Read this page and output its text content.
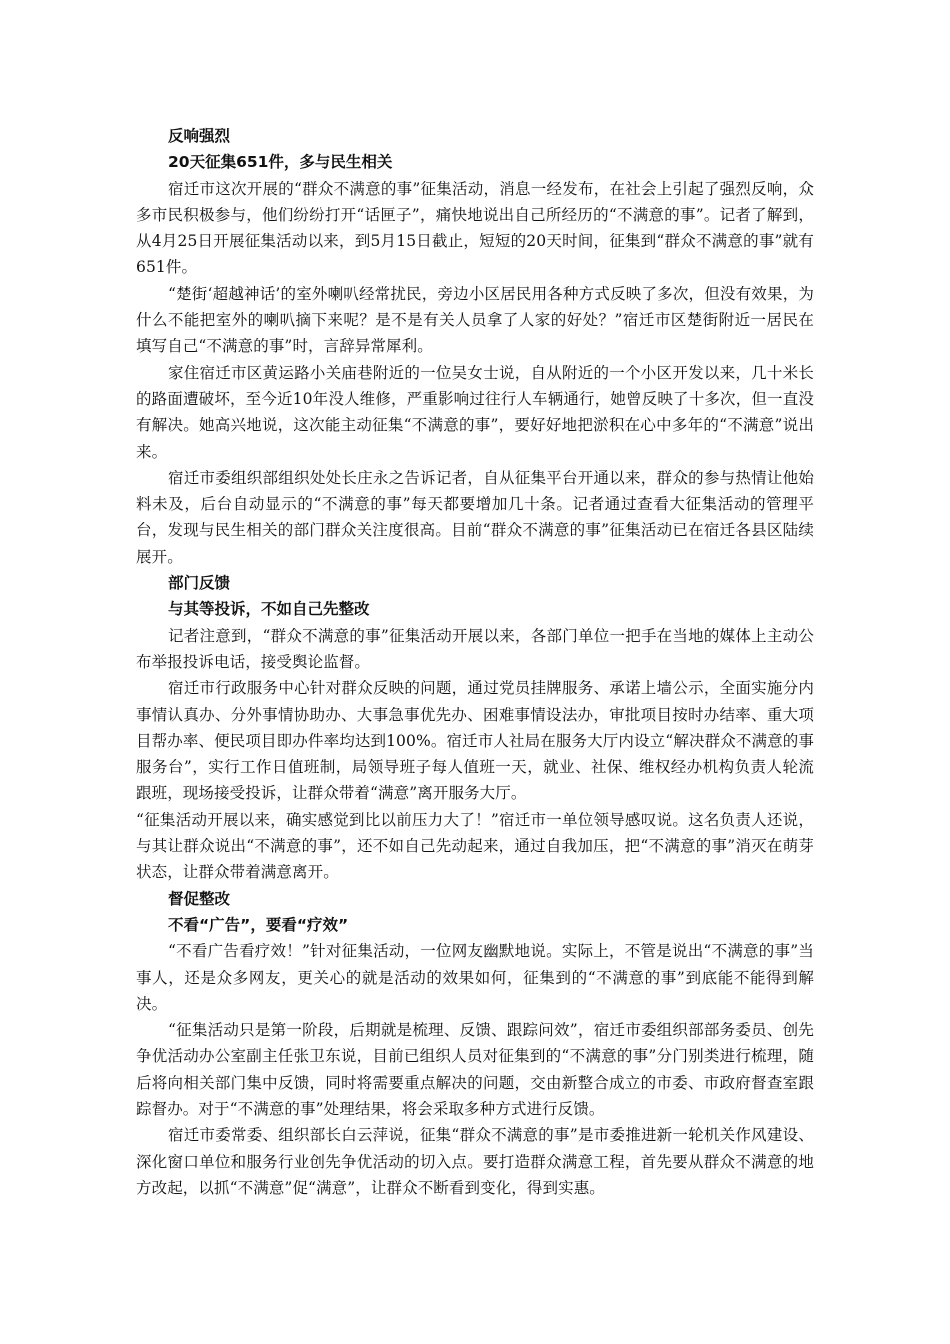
反响强烈
20天征集651件，多与民生相关

宿迁市这次开展的“群众不满意的事”征集活动，消息一经发布，在社会上引起了强烈反响，众多市民积极参与，他们纷纷打开“话匣子”，痛快地说出自己所经历的“不满意的事”。记者了解到，从4月25日开展征集活动以来，到5月15日截止，短短的20天时间，征集到“群众不满意的事”就有651件。

“楚街‘超越神话’的室外喇叭经常扰民，旁边小区居民用各种方式反映了多次，但没有效果，为什么不能把室外的喇叭摘下来呢？是不是有关人员拿了人家的好处？”宿迁市区楚街附近一居民在填写自己“不满意的事”时，言辞异常犀利。

家住宿迁市区黄运路小关庙巷附近的一位吴女士说，自从附近的一个小区开发以来，几十米长的路面遭破坏，至今近10年没人维修，严重影响过往行人车辆通行，她曾反映了十多次，但一直没有解决。她高兴地说，这次能主动征集“不满意的事”，要好好地把淤积在心中多年的“不满意”说出来。

宿迁市委组织部组织处处长庄永之告诉记者，自从征集平台开通以来，群众的参与热情让他始料未及，后台自动显示的“不满意的事”每天都要增加几十条。记者通过查看大征集活动的管理平台，发现与民生相关的部门群众关注度很高。目前“群众不满意的事”征集活动已在宿迁各县区陆续展开。

部门反馈
与其等投诉，不如自己先整改

记者注意到，“群众不满意的事”征集活动开展以来，各部门单位一把手在当地的媒体上主动公布举报投诉电话，接受舆论监督。

宿迁市行政服务中心针对群众反映的问题，通过党员挂牌服务、承诺上墙公示，全面实施分内事情认真办、分外事情协助办、大事急事优先办、困难事情设法办，审批项目按时办结率、重大项目帮办率、便民项目即办件率均达到100%。宿迁市人社局在服务大厅内设立“解决群众不满意的事服务台”，实行工作日值班制，局领导班子每人值班一天，就业、社保、维权经办机构负责人轮流跟班，现场接受投诉，让群众带着“满意”离开服务大厅。

“征集活动开展以来，确实感觉到比以前压力大了！”宿迁市一单位领导感叹说。这名负责人还说，与其让群众说出“不满意的事”，还不如自己先动起来，通过自我加压，把“不满意的事”消灭在萌芽状态，让群众带着满意离开。

督促整改
不看“广告”，要看“疗效”

“不看广告看疗效！”针对征集活动，一位网友幽默地说。实际上，不管是说出“不满意的事”当事人，还是众多网友，更关心的就是活动的效果如何，征集到的“不满意的事”到底能不能得到解决。

“征集活动只是第一阶段，后期就是梳理、反馈、跟踪问效”，宿迁市委组织部部务委员、创先争优活动办公室副主任张卫东说，目前已组织人员对征集到的“不满意的事”分门别类进行梳理，随后将向相关部门集中反馈，同时将需要重点解决的问题，交由新整合成立的市委、市政府督查室跟踪督办。对于“不满意的事”处理结果，将会采取多种方式进行反馈。

宿迁市委常委、组织部长白云萍说，征集“群众不满意的事”是市委推进新一轮机关作风建设、深化窗口单位和服务行业创先争优活动的切入点。要打造群众满意工程，首先要从群众不满意的地方改起，以抓“不满意”促“满意”，让群众不断看到变化，得到实惠。
